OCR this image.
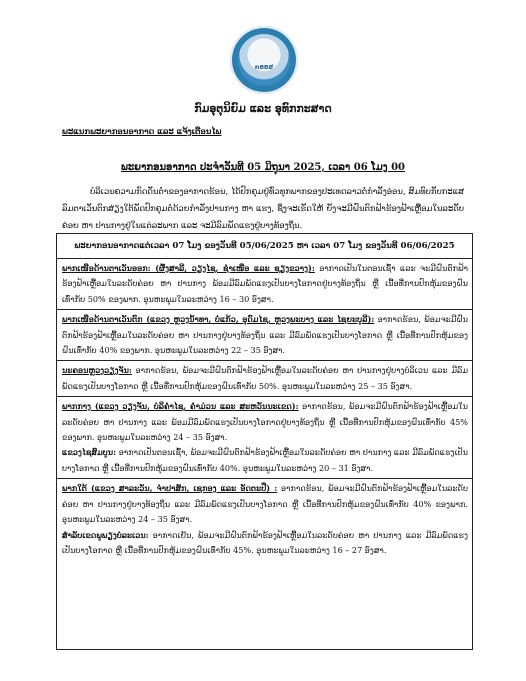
ກອອສ
ກົມອຸຕຸນິຍົມ ແລະ ອຸທົກກະສາດ
ພະແນກພະຍາກອນອາກາດ ແລະ ແຈ້ງເຕືອນໄພ
ພະຍາກອນອາກາດ ປະຈຳວັນທີ 05 ມິຖຸນາ 2025, ເວລາ 06 ໂມງ 00
ບໍລິເວນຄວາມກົດດັນຕໍ່າຂອງອາກາດຮ້ອນ, ໄດ້ປົກຄຸມຢູ່ທົ່ວທຸກພາກຂອງປະເທດລາວຕໍ່ກຳລັງອ່ອນ, ສົມທົບກັບກະແສລົມຕາເວັນຕົກສ່ຽງໃຕ້ພັດປົກຄຸມຕໍ່ດ້ວຍກຳລັງປານກາງ ຫາ ແຮງ, ຊຶ່ງຈະເຮັດໃຫ້ ຍັງຈະມີຝົນຕົກຟ້າຮ້ອງຟ້າເຫຼື້ອມໃນລະດັບຄ່ອຍ ຫາ ປານກາງຢູ່ໃນແຕ່ລະພາກ ແລະ ຈະມີລົມພັດແຮງຢູ່ບາງທ້ອງຖິ່ນ.
ພະຍາກອນອາກາດແຕ່ເວລາ 07 ໂມງ ຂອງວັນທີ 05/06/2025 ຫາ ເວລາ 07 ໂມງ ຂອງວັນທີ 06/06/2025
ພາກເໜືອດ້ານຕາເວັນອອກ: (ຜົ້ງສາລີ, ວຽງໄຊ, ຊຳເໜືອ ແລະ ຊຽງຂວາງ): ອາກາດເປັນໃນຕອນເຊົ້າ ແລະ ຈະມີຝົນຕົກຟ້າຮ້ອງຟ້າເຫຼື້ອມໃນລະດັບຄ່ອຍ ຫາ ປານກາງ ພ້ອມມີລົມພັດແຮງເປັນບາງໂອກາດຢູ່ບາງທ້ອງຖິ່ນ ຫຼື ເນື້ອທີ່ການປົກຫຸ້ມຂອງຝົນເທົ່າກັບ 50% ຂອງພາກ. ອຸນຫະພູມໃນລະຫວ່າງ 16 – 30 ອົງສາ.
ພາກເໜືອດ້ານຕາເວັນຕົກ (ແຂວງ ຫຼວງນ້ຳທາ, ບໍ່ແກ້ວ, ອຸດົມໄຊ, ຫຼວງພະບາງ ແລະ ໄຊຍະບູລີ): ອາກາດຮ້ອນ, ພ້ອມຈະມີຝົນຕົກຟ້າຮ້ອງຟ້າເຫຼື້ອມໃນລະດັບຄ່ອຍ ຫາ ປານກາງຢູ່ບາງທ້ອງຖິ່ນ ແລະ ມີລົມພັດແຮງເປັນບາງໂອກາດ ຫຼື ເນື້ອທີ່ການປົກຫຸ້ມຂອງຝົນເທົ່າກັບ 40% ຂອງພາກ. ອຸນຫະພູມໃນລະຫວ່າງ 22 – 35 ອົງສາ.
ນະຄອນຫຼວງວຽງຈັນ: ອາກາດຮ້ອນ, ພ້ອມຈະມີຝົນຕົກຟ້າຮ້ອງຟ້າເຫຼື້ອມໃນລະດັບຄ່ອຍ ຫາ ປານກາງຢູ່ບາງບໍລິເວນ ແລະ ມີລົມພັດແຮງເປັນບາງໂອກາດ ຫຼື ເນື້ອທີ່ການປົກຫຸ້ມຂອງຝົນເທົ່າກັບ 50%. ອຸນຫະພູມໃນລະຫວ່າງ 25 – 35 ອົງສາ.
ພາກກາງ (ແຂວງ ວຽງຈັນ, ບໍລິຄຳໄຊ, ຄຳມ່ວນ ແລະ ສະຫວັນນະເຂດ): ອາກາດຮ້ອນ, ພ້ອມຈະມີຝົນຕົກຟ້າຮ້ອງຟ້າເຫຼື້ອມໃນລະດັບຄ່ອຍ ຫາ ປານກາງ ແລະ ພ້ອມມີລົມພັດແຮງເປັນບາງໂອກາດຢູ່ບາງທ້ອງຖິ່ນ ຫຼື ເນື້ອທີ່ການປົກຫຸ້ມຂອງຝົນເທົ່າກັບ 45% ຂອງພາກ. ອຸນຫະພູມໃນລະຫວ່າງ 24 – 35 ອົງສາ.
ແຂວງໄຊສົມບູນ: ອາກາດເປັນຕອນເຊົ້າ, ພ້ອມຈະມີຝົນຕົກຟ້າຮ້ອງຟ້າເຫຼື້ອມໃນລະດັບຄ່ອຍ ຫາ ປານກາງ ແລະ ມີລົມພັດແຮງເປັນບາງໂອກາດ ຫຼື ເນື້ອທີ່ການປົກຫຸ້ມຂອງຝົນເທົ່າກັບ 40%. ອຸນຫະພູມໃນລະຫວ່າງ 20 – 31 ອົງສາ.
ພາກໃຕ້ (ແຂວງ ສາລະວັນ, ຈຳປາສັກ, ເຊກອງ ແລະ ອັດຕະປື) : ອາກາດຮ້ອນ, ພ້ອມຈະມີຝົນຕົກຟ້າຮ້ອງຟ້າເຫຼື້ອມໃນລະດັບຄ່ອຍ ຫາ ປານກາງຢູ່ບາງທ້ອງຖິ່ນ ແລະ ມີລົມພັດແຮງເປັນບາງໂອກາດ ຫຼື ເນື້ອທີ່ການປົກຫຸ້ມຂອງຝົນເທົ່າກັບ 40% ຂອງພາກ. ອຸນຫະພູມໃນລະຫວ່າງ 24 – 35 ອົງສາ.
ສຳລັບເຂດພູພຽງບໍລະເວນ: ອາກາດເຢັນ, ພ້ອມຈະມີຝົນຕົກຟ້າຮ້ອງຟ້າເຫຼື້ອມໃນລະດັບຄ່ອຍ ຫາ ປານກາງ ແລະ ມີລົມພັດແຮງເປັນບາງໂອກາດ ຫຼື ເນື້ອທີ່ການປົກຫຸ້ມຂອງຝົນເທົ່າກັບ 45%. ອຸນຫະພູມໃນລະຫວ່າງ 16 – 27 ອົງສາ.
